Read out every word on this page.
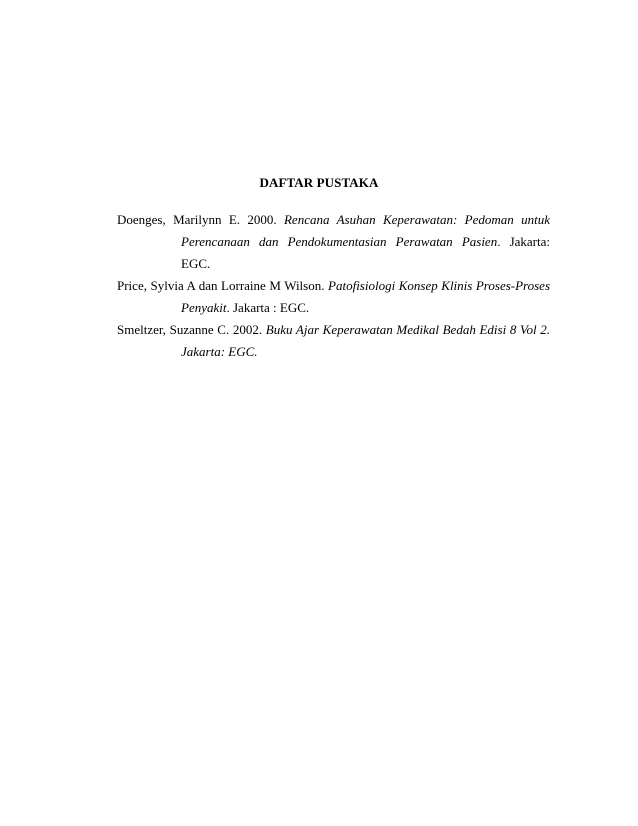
DAFTAR PUSTAKA
Doenges, Marilynn E. 2000. Rencana Asuhan Keperawatan: Pedoman untuk Perencanaan dan Pendokumentasian Perawatan Pasien. Jakarta: EGC.
Price, Sylvia A dan Lorraine M Wilson. Patofisiologi Konsep Klinis Proses-Proses Penyakit. Jakarta : EGC.
Smeltzer, Suzanne C. 2002. Buku Ajar Keperawatan Medikal Bedah Edisi 8 Vol 2. Jakarta: EGC.
